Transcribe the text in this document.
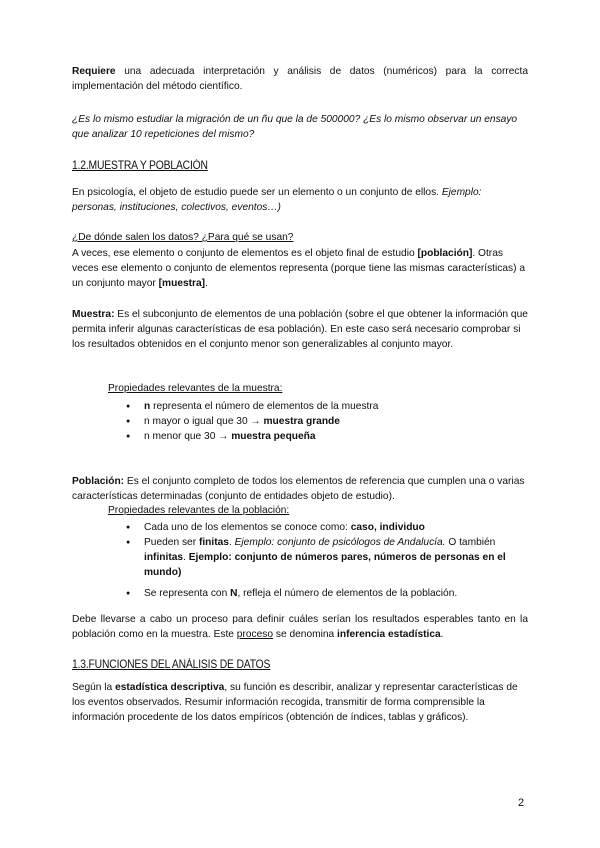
Requiere una adecuada interpretación y análisis de datos (numéricos) para la correcta implementación del método científico.

¿Es lo mismo estudiar la migración de un ñu que la de 500000? ¿Es lo mismo observar un ensayo que analizar 10 repeticiones del mismo?

1.2.MUESTRA Y POBLACIÓN

En psicología, el objeto de estudio puede ser un elemento o un conjunto de ellos. Ejemplo: personas, instituciones, colectivos, eventos…)

¿De dónde salen los datos? ¿Para qué se usan?

A veces, ese elemento o conjunto de elementos es el objeto final de estudio [población]. Otras veces ese elemento o conjunto de elementos representa (porque tiene las mismas características) a un conjunto mayor [muestra].

Muestra: Es el subconjunto de elementos de una población (sobre el que obtener la información que permita inferir algunas características de esa población). En este caso será necesario comprobar si los resultados obtenidos en el conjunto menor son generalizables al conjunto mayor.

Propiedades relevantes de la muestra:
● n representa el número de elementos de la muestra
● n mayor o igual que 30 → muestra grande
● n menor que 30 → muestra pequeña

Población: Es el conjunto completo de todos los elementos de referencia que cumplen una o varias características determinadas (conjunto de entidades objeto de estudio).

Propiedades relevantes de la población:
● Cada uno de los elementos se conoce como: caso, individuo
● Pueden ser finitas. Ejemplo: conjunto de psicólogos de Andalucía. O también infinitas. Ejemplo: conjunto de números pares, números de personas en el mundo)
● Se representa con N, refleja el número de elementos de la población.

Debe llevarse a cabo un proceso para definir cuáles serían los resultados esperables tanto en la población como en la muestra. Este proceso se denomina inferencia estadística.

1.3.FUNCIONES DEL ANÁLISIS DE DATOS

Según la estadística descriptiva, su función es describir, analizar y representar características de los eventos observados. Resumir información recogida, transmitir de forma comprensible la información procedente de los datos empíricos (obtención de índices, tablas y gráficos).

2
